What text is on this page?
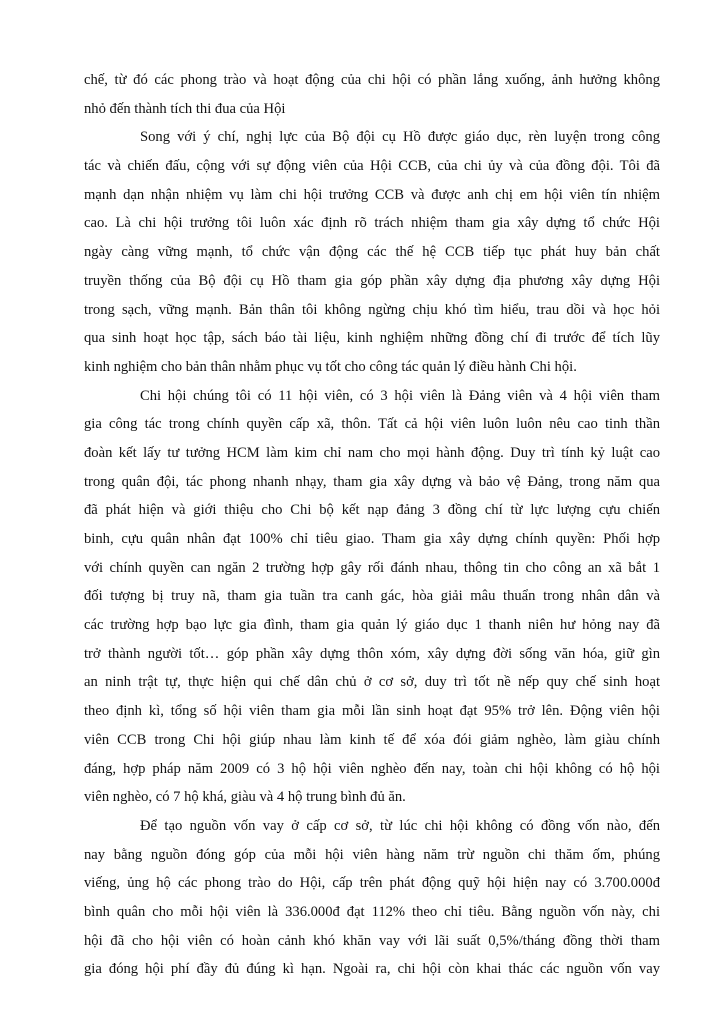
chế, từ đó các phong trào và hoạt động của chi hội có phần lắng xuống, ảnh hưởng không
nhỏ đến thành tích thi đua của Hội
Song với ý chí, nghị lực của Bộ đội cụ Hồ được giáo dục, rèn luyện trong công
tác và chiến đấu, cộng với sự động viên của Hội CCB, của chi ủy và của đồng đội. Tôi đã
mạnh dạn nhận nhiệm vụ làm chi hội trưởng CCB và được anh chị em hội viên tín nhiệm
cao. Là chi hội trưởng tôi luôn xác định rõ trách nhiệm tham gia xây dựng tổ chức Hội
ngày càng vững mạnh, tổ chức vận động các thế hệ CCB tiếp tục phát huy bản chất
truyền thống của Bộ đội cụ Hồ tham gia góp phần xây dựng địa phương xây dựng Hội
trong sạch, vững mạnh. Bản thân tôi không ngừng chịu khó tìm hiểu, trau dồi và học hỏi
qua sinh hoạt học tập, sách báo tài liệu, kinh nghiệm những đồng chí đi trước để tích lũy
kinh nghiệm cho bản thân nhằm phục vụ tốt cho công tác quản lý điều hành Chi hội.
Chi hội chúng tôi có 11 hội viên, có 3 hội viên là Đảng viên và 4 hội viên tham
gia công tác trong chính quyền cấp xã, thôn. Tất cả hội viên luôn luôn nêu cao tinh thần
đoàn kết lấy tư tưởng HCM làm kim chỉ nam cho mọi hành động. Duy trì tính kỷ luật cao
trong quân đội, tác phong nhanh nhạy, tham gia xây dựng và bảo vệ Đảng, trong năm qua
đã phát hiện và giới thiệu cho Chi bộ kết nạp đảng 3 đồng chí từ lực lượng cựu chiến
binh, cựu quân nhân đạt 100% chỉ tiêu giao. Tham gia xây dựng chính quyền: Phối hợp
với chính quyền can ngăn 2 trường hợp gây rối đánh nhau, thông tin cho công an xã bắt 1
đối tượng bị truy nã, tham gia tuần tra canh gác, hòa giải mâu thuẩn trong nhân dân và
các trường hợp bạo lực gia đình, tham gia quản lý giáo dục 1 thanh niên hư hỏng nay đã
trở thành người tốt… góp phần xây dựng thôn xóm, xây dựng đời sống văn hóa, giữ gìn
an ninh trật tự, thực hiện qui chế dân chủ ở cơ sở, duy trì tốt nề nếp quy chế sinh hoạt
theo định kì, tổng số hội viên tham gia mỗi lần sinh hoạt đạt 95% trở lên. Động viên hội
viên CCB trong Chi hội giúp nhau làm kinh tế để xóa đói giảm nghèo, làm giàu chính
đáng, hợp pháp năm 2009 có 3 hộ hội viên nghèo đến nay, toàn chi hội không có hộ hội
viên nghèo, có 7 hộ khá, giàu và 4 hộ trung bình đủ ăn.
Để tạo nguồn vốn vay ở cấp cơ sở, từ lúc chi hội không có đồng vốn nào, đến
nay bằng nguồn đóng góp của mỗi hội viên hàng năm trừ nguồn chi thăm ốm, phúng
viếng, ủng hộ các phong trào do Hội, cấp trên phát động quỹ hội hiện nay có 3.700.000đ
bình quân cho mỗi hội viên là 336.000đ đạt 112% theo chỉ tiêu. Bằng nguồn vốn này, chi
hội đã cho hội viên có hoàn cảnh khó khăn vay với lãi suất 0,5%/tháng đồng thời tham
gia đóng hội phí đầy đủ đúng kì hạn. Ngoài ra, chi hội còn khai thác các nguồn vốn vay
